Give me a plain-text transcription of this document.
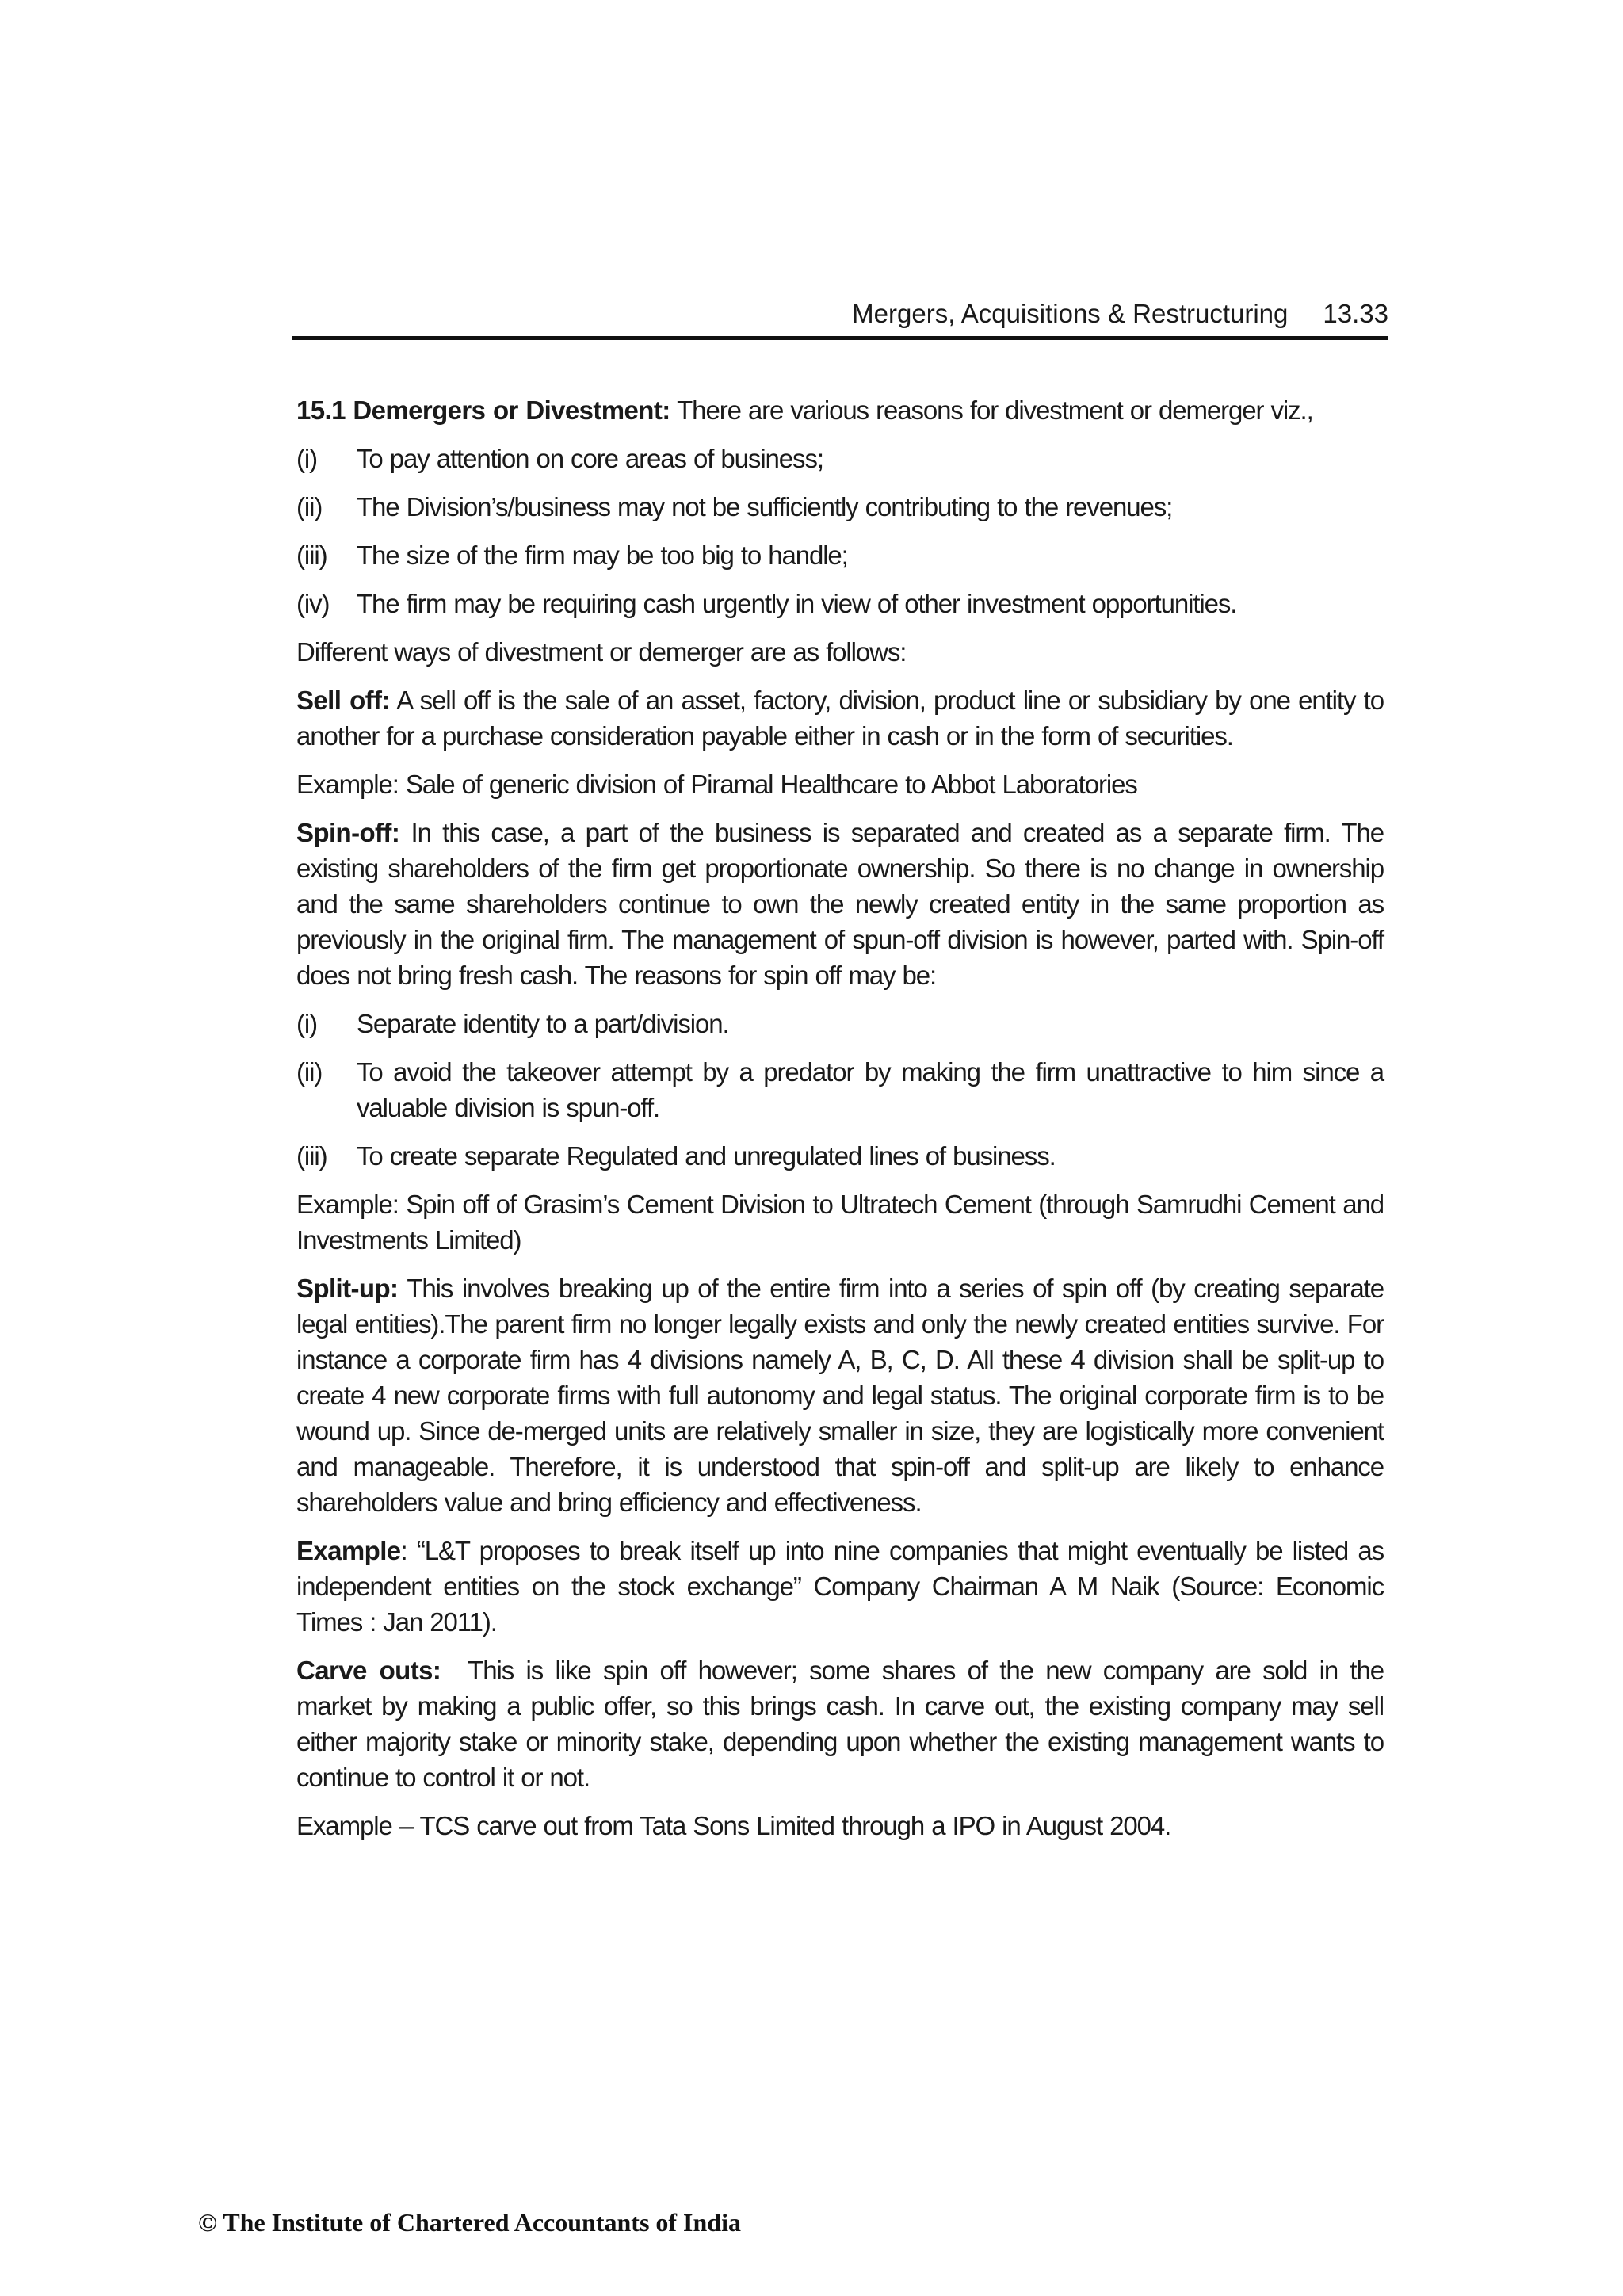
Mergers, Acquisitions & Restructuring 13.33

15.1 Demergers or Divestment: There are various reasons for divestment or demerger viz.,

(i)	To pay attention on core areas of business;
(ii)	The Division’s/business may not be sufficiently contributing to the revenues;
(iii)	The size of the firm may be too big to handle;
(iv)	The firm may be requiring cash urgently in view of other investment opportunities.

Different ways of divestment or demerger are as follows:

Sell off: A sell off is the sale of an asset, factory, division, product line or subsidiary by one entity to another for a purchase consideration payable either in cash or in the form of securities.

Example: Sale of generic division of Piramal Healthcare to Abbot Laboratories

Spin-off: In this case, a part of the business is separated and created as a separate firm. The existing shareholders of the firm get proportionate ownership. So there is no change in ownership and the same shareholders continue to own the newly created entity in the same proportion as previously in the original firm. The management of spun-off division is however, parted with. Spin-off does not bring fresh cash. The reasons for spin off may be:

(i)	Separate identity to a part/division.
(ii)	To avoid the takeover attempt by a predator by making the firm unattractive to him since a valuable division is spun-off.
(iii)	To create separate Regulated and unregulated lines of business.

Example: Spin off of Grasim’s Cement Division to Ultratech Cement (through Samrudhi Cement and Investments Limited)

Split-up: This involves breaking up of the entire firm into a series of spin off (by creating separate legal entities).The parent firm no longer legally exists and only the newly created entities survive. For instance a corporate firm has 4 divisions namely A, B, C, D. All these 4 division shall be split-up to create 4 new corporate firms with full autonomy and legal status. The original corporate firm is to be wound up. Since de-merged units are relatively smaller in size, they are logistically more convenient and manageable. Therefore, it is understood that spin-off and split-up are likely to enhance shareholders value and bring efficiency and effectiveness.

Example: “L&T proposes to break itself up into nine companies that might eventually be listed as independent entities on the stock exchange” Company Chairman A M Naik (Source: Economic Times : Jan 2011).

Carve outs: This is like spin off however; some shares of the new company are sold in the market by making a public offer, so this brings cash. In carve out, the existing company may sell either majority stake or minority stake, depending upon whether the existing management wants to continue to control it or not.

Example – TCS carve out from Tata Sons Limited through a IPO in August 2004.

© The Institute of Chartered Accountants of India
